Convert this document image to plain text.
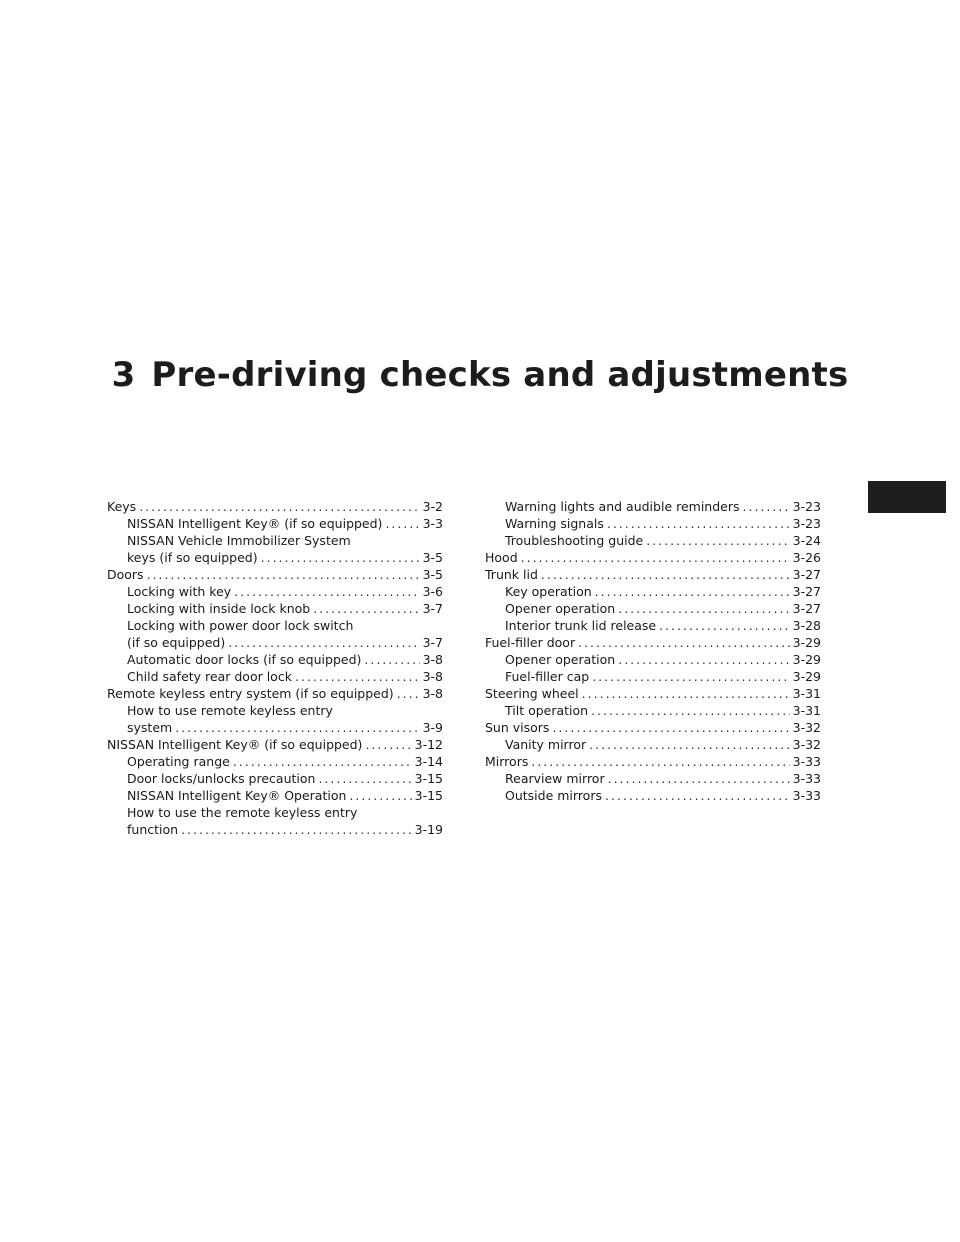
3 Pre-driving checks and adjustments
Keys .....	3-2
NISSAN Intelligent Key® (if so equipped) .....	3-3
NISSAN Vehicle Immobilizer System
keys (if so equipped) .....	3-5
Doors .....	3-5
Locking with key .....	3-6
Locking with inside lock knob .....	3-7
Locking with power door lock switch
(if so equipped) .....	3-7
Automatic door locks (if so equipped) .....	3-8
Child safety rear door lock .....	3-8
Remote keyless entry system (if so equipped) ..... 3-8
How to use remote keyless entry
system .....	3-9
NISSAN Intelligent Key® (if so equipped) .....	3-12
Operating range .....	3-14
Door locks/unlocks precaution .....	3-15
NISSAN Intelligent Key® Operation .....	3-15
How to use the remote keyless entry
function .....	3-19
Warning lights and audible reminders .....	3-23
Warning signals .....	3-23
Troubleshooting guide .....	3-24
Hood .....	3-26
Trunk lid .....	3-27
Key operation .....	3-27
Opener operation .....	3-27
Interior trunk lid release .....	3-28
Fuel-filler door .....	3-29
Opener operation .....	3-29
Fuel-filler cap .....	3-29
Steering wheel .....	3-31
Tilt operation .....	3-31
Sun visors .....	3-32
Vanity mirror .....	3-32
Mirrors .....	3-33
Rearview mirror .....	3-33
Outside mirrors .....	3-33
